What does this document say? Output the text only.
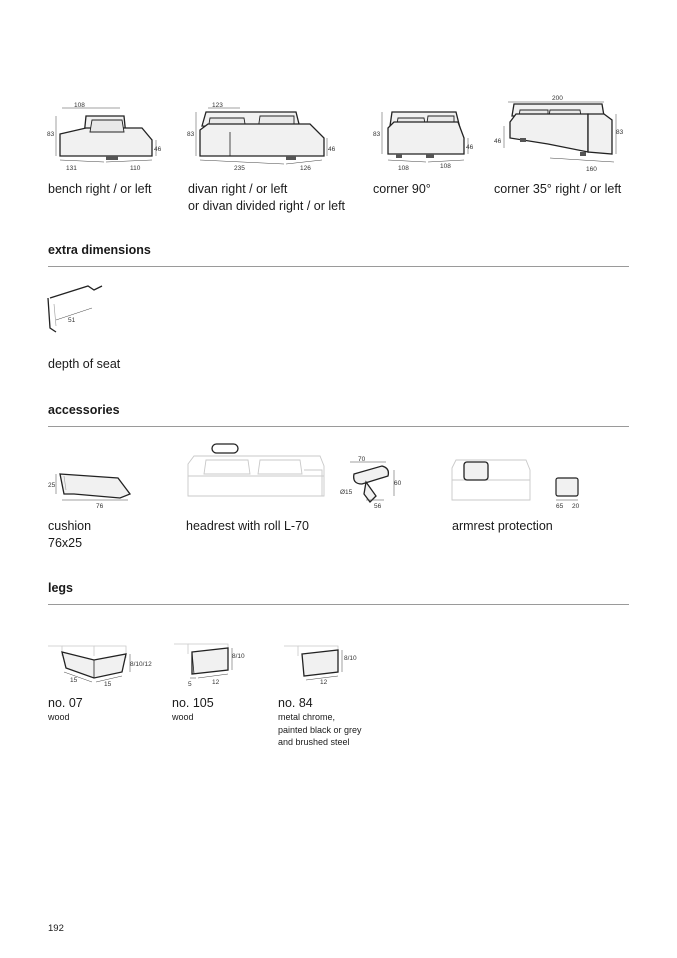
108
83
46
131	110
bench right / or left
123
83
46
235	126
divan right / or left
or divan divided right / or left
83
46
108	108
corner 90°
200
83
46
160
corner 35° right / or left
extra dimensions
51
depth of seat
accessories
25
76
cushion
76x25
70
60
Ø15
56
headrest with roll L-70
65 20
armrest protection
legs
8/10/12
15
15
no. 07
wood
8/10
5	12
no. 105
wood
8/10
12
no. 84
metal chrome,
painted black or grey
and brushed steel
192
